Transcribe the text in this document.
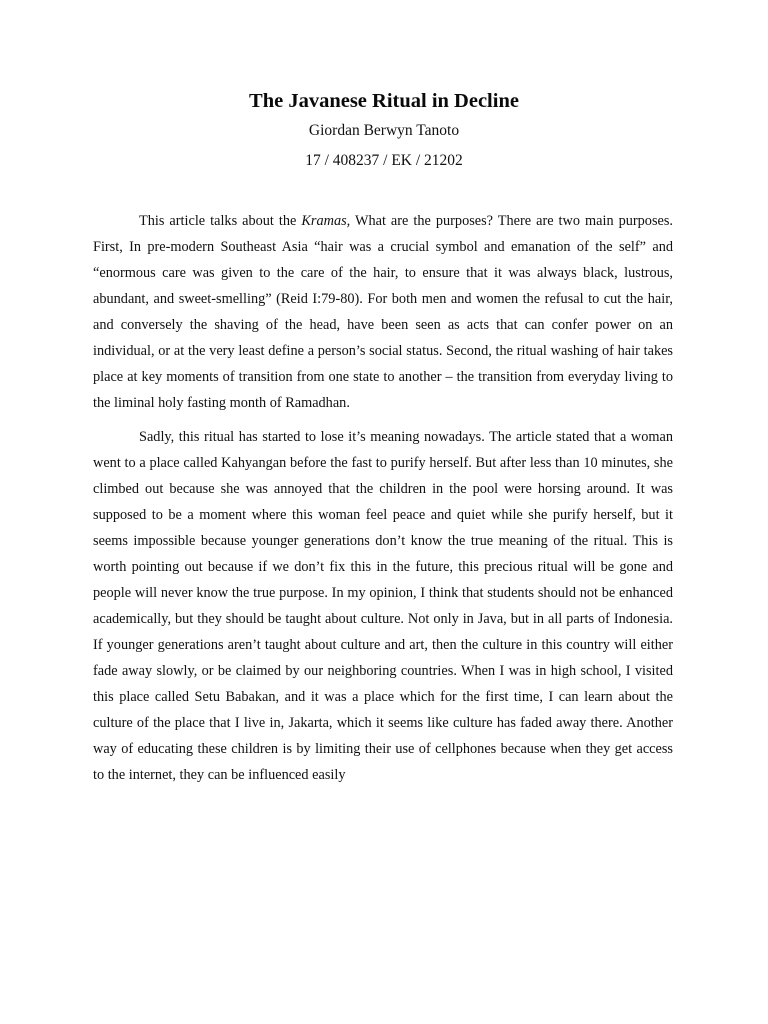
The Javanese Ritual in Decline

Giordan Berwyn Tanoto

17 / 408237 / EK / 21202

This article talks about the Kramas, What are the purposes? There are two main purposes. First, In pre-modern Southeast Asia “hair was a crucial symbol and emanation of the self” and “enormous care was given to the care of the hair, to ensure that it was always black, lustrous, abundant, and sweet-smelling” (Reid I:79-80). For both men and women the refusal to cut the hair, and conversely the shaving of the head, have been seen as acts that can confer power on an individual, or at the very least define a person’s social status. Second, the ritual washing of hair takes place at key moments of transition from one state to another – the transition from everyday living to the liminal holy fasting month of Ramadhan.

Sadly, this ritual has started to lose it’s meaning nowadays. The article stated that a woman went to a place called Kahyangan before the fast to purify herself. But after less than 10 minutes, she climbed out because she was annoyed that the children in the pool were horsing around. It was supposed to be a moment where this woman feel peace and quiet while she purify herself, but it seems impossible because younger generations don’t know the true meaning of the ritual. This is worth pointing out because if we don’t fix this in the future, this precious ritual will be gone and people will never know the true purpose. In my opinion, I think that students should not be enhanced academically, but they should be taught about culture. Not only in Java, but in all parts of Indonesia. If younger generations aren’t taught about culture and art, then the culture in this country will either fade away slowly, or be claimed by our neighboring countries. When I was in high school, I visited this place called Setu Babakan, and it was a place which for the first time, I can learn about the culture of the place that I live in, Jakarta, which it seems like culture has faded away there. Another way of educating these children is by limiting their use of cellphones because when they get access to the internet, they can be influenced easily
